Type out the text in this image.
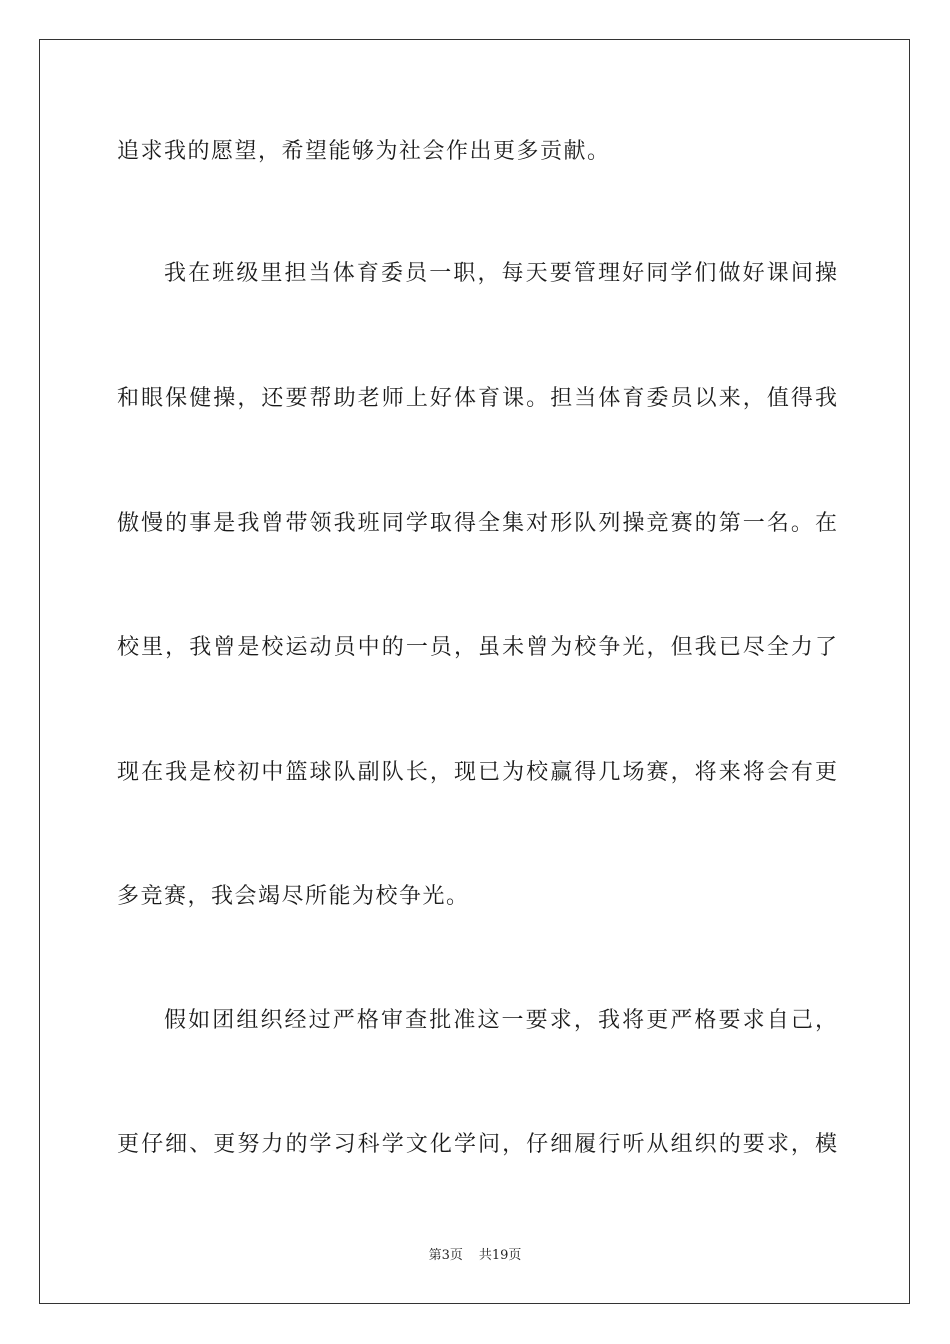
追求我的愿望，希望能够为社会作出更多贡献。
我在班级里担当体育委员一职，每天要管理好同学们做好课间操
和眼保健操，还要帮助老师上好体育课。担当体育委员以来，值得我
傲慢的事是我曾带领我班同学取得全集对形队列操竞赛的第一名。在
校里，我曾是校运动员中的一员，虽未曾为校争光，但我已尽全力了
现在我是校初中篮球队副队长，现已为校赢得几场赛，将来将会有更
多竞赛，我会竭尽所能为校争光。
假如团组织经过严格审查批准这一要求，我将更严格要求自己，
更仔细、更努力的学习科学文化学问，仔细履行听从组织的要求，模
第3页 共19页
